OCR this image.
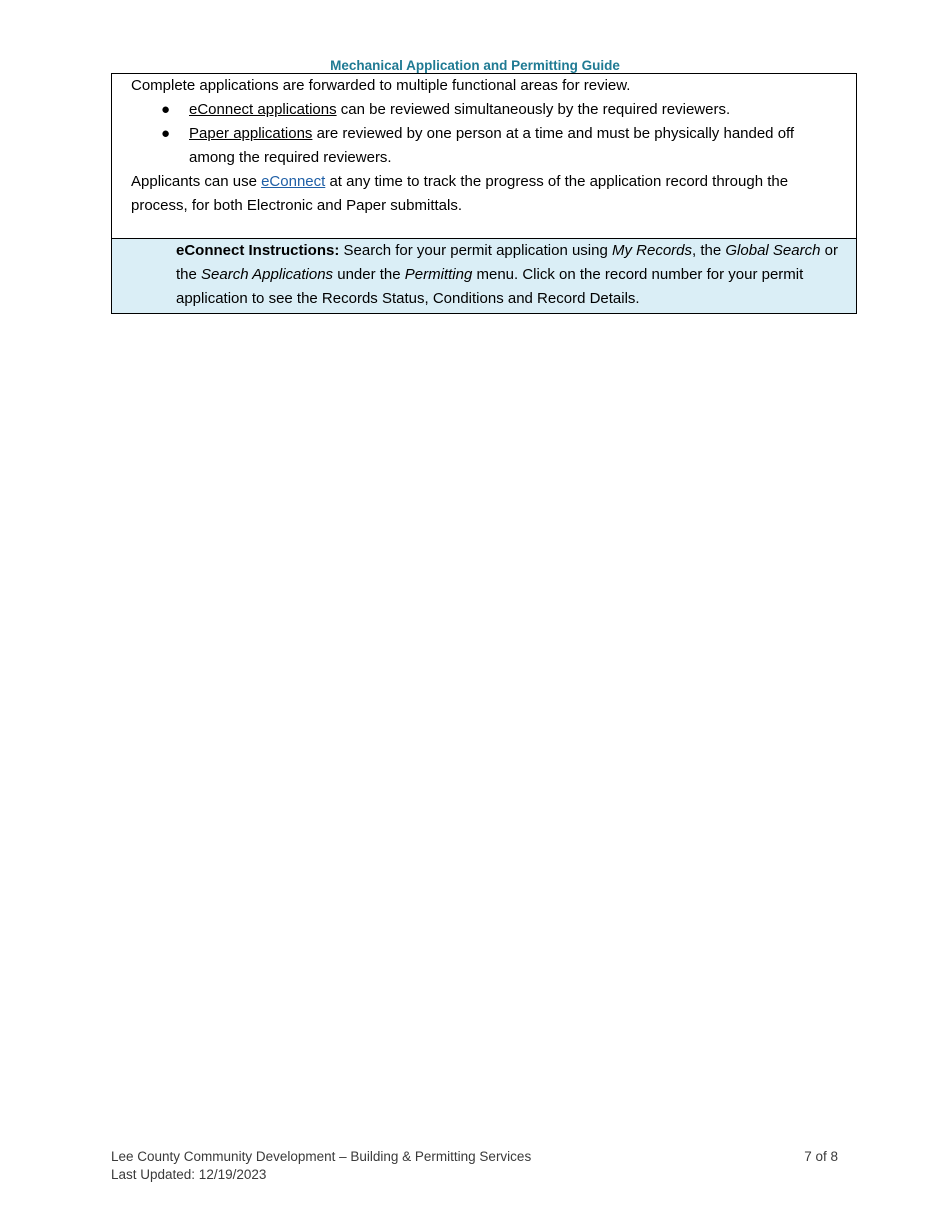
Mechanical Application and Permitting Guide
Complete applications are forwarded to multiple functional areas for review.
● eConnect applications can be reviewed simultaneously by the required reviewers.
● Paper applications are reviewed by one person at a time and must be physically handed off among the required reviewers.
Applicants can use eConnect at any time to track the progress of the application record through the process, for both Electronic and Paper submittals.
eConnect Instructions: Search for your permit application using My Records, the Global Search or the Search Applications under the Permitting menu. Click on the record number for your permit application to see the Records Status, Conditions and Record Details.
Lee County Community Development – Building & Permitting Services
Last Updated: 12/19/2023
7 of 8
